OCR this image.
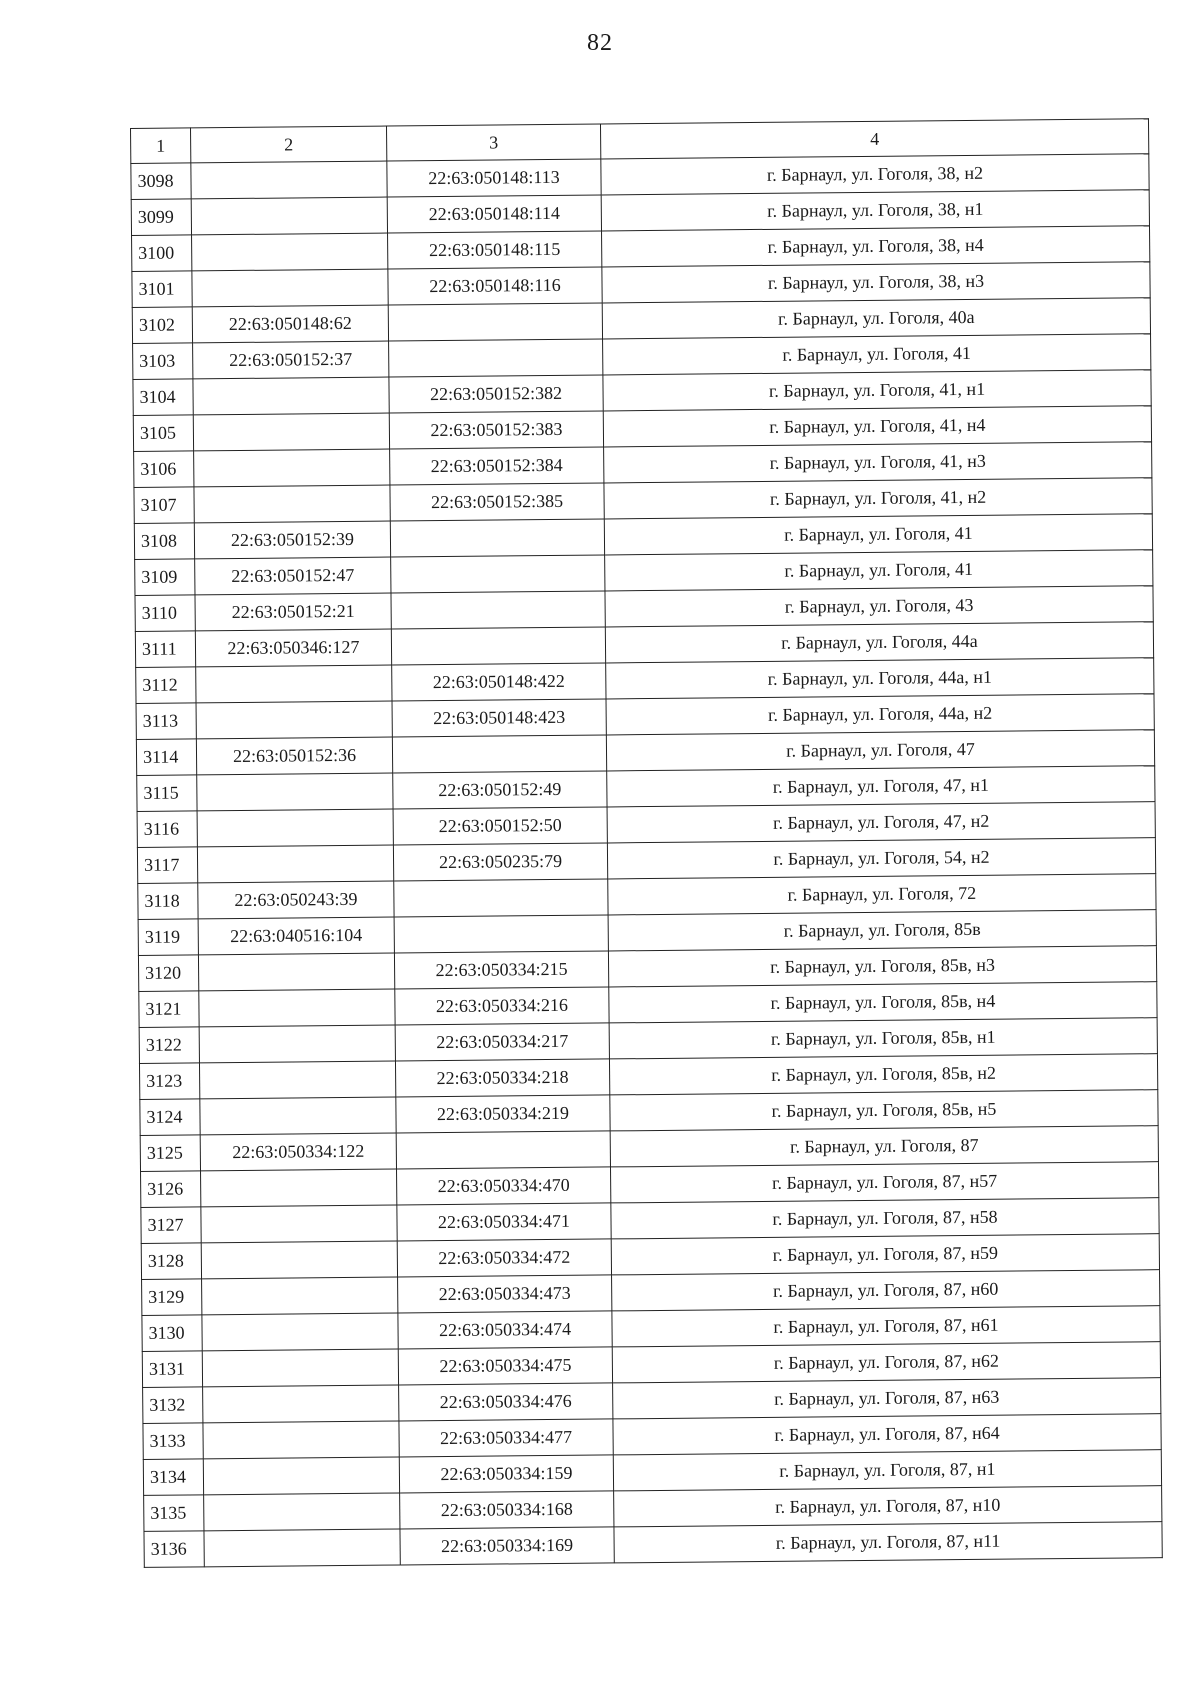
82
1	2	3	4
3098		22:63:050148:113	г. Барнаул, ул. Гоголя, 38, н2
3099		22:63:050148:114	г. Барнаул, ул. Гоголя, 38, н1
3100		22:63:050148:115	г. Барнаул, ул. Гоголя, 38, н4
3101		22:63:050148:116	г. Барнаул, ул. Гоголя, 38, н3
3102	22:63:050148:62		г. Барнаул, ул. Гоголя, 40а
3103	22:63:050152:37		г. Барнаул, ул. Гоголя, 41
3104		22:63:050152:382	г. Барнаул, ул. Гоголя, 41, н1
3105		22:63:050152:383	г. Барнаул, ул. Гоголя, 41, н4
3106		22:63:050152:384	г. Барнаул, ул. Гоголя, 41, н3
3107		22:63:050152:385	г. Барнаул, ул. Гоголя, 41, н2
3108	22:63:050152:39		г. Барнаул, ул. Гоголя, 41
3109	22:63:050152:47		г. Барнаул, ул. Гоголя, 41
3110	22:63:050152:21		г. Барнаул, ул. Гоголя, 43
3111	22:63:050346:127		г. Барнаул, ул. Гоголя, 44а
3112		22:63:050148:422	г. Барнаул, ул. Гоголя, 44а, н1
3113		22:63:050148:423	г. Барнаул, ул. Гоголя, 44а, н2
3114	22:63:050152:36		г. Барнаул, ул. Гоголя, 47
3115		22:63:050152:49	г. Барнаул, ул. Гоголя, 47, н1
3116		22:63:050152:50	г. Барнаул, ул. Гоголя, 47, н2
3117		22:63:050235:79	г. Барнаул, ул. Гоголя, 54, н2
3118	22:63:050243:39		г. Барнаул, ул. Гоголя, 72
3119	22:63:040516:104		г. Барнаул, ул. Гоголя, 85в
3120		22:63:050334:215	г. Барнаул, ул. Гоголя, 85в, н3
3121		22:63:050334:216	г. Барнаул, ул. Гоголя, 85в, н4
3122		22:63:050334:217	г. Барнаул, ул. Гоголя, 85в, н1
3123		22:63:050334:218	г. Барнаул, ул. Гоголя, 85в, н2
3124		22:63:050334:219	г. Барнаул, ул. Гоголя, 85в, н5
3125	22:63:050334:122		г. Барнаул, ул. Гоголя, 87
3126		22:63:050334:470	г. Барнаул, ул. Гоголя, 87, н57
3127		22:63:050334:471	г. Барнаул, ул. Гоголя, 87, н58
3128		22:63:050334:472	г. Барнаул, ул. Гоголя, 87, н59
3129		22:63:050334:473	г. Барнаул, ул. Гоголя, 87, н60
3130		22:63:050334:474	г. Барнаул, ул. Гоголя, 87, н61
3131		22:63:050334:475	г. Барнаул, ул. Гоголя, 87, н62
3132		22:63:050334:476	г. Барнаул, ул. Гоголя, 87, н63
3133		22:63:050334:477	г. Барнаул, ул. Гоголя, 87, н64
3134		22:63:050334:159	г. Барнаул, ул. Гоголя, 87, н1
3135		22:63:050334:168	г. Барнаул, ул. Гоголя, 87, н10
3136		22:63:050334:169	г. Барнаул, ул. Гоголя, 87, н11
